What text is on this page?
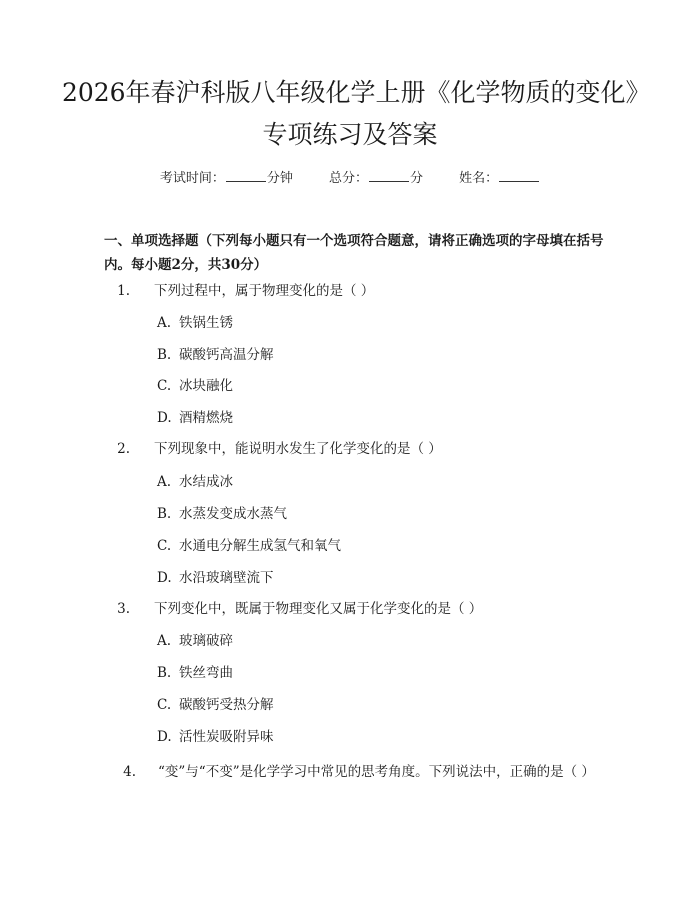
2026年春沪科版八年级化学上册《化学物质的变化》专项练习及答案
考试时间：	分钟	总分：	分	姓名：

一、单项选择题（下列每小题只有一个选项符合题意，请将正确选项的字母填在括号内。每小题2分，共30分）

1. 下列过程中，属于物理变化的是（ ）

A. 铁锅生锈

B. 碳酸钙高温分解

C. 冰块融化

D. 酒精燃烧

2. 下列现象中，能说明水发生了化学变化的是（ ）

A. 水结成冰

B. 水蒸发变成水蒸气

C. 水通电分解生成氢气和氧气

D. 水沿玻璃壁流下

3. 下列变化中，既属于物理变化又属于化学变化的是（ ）

A. 玻璃破碎

B. 铁丝弯曲

C. 碳酸钙受热分解

D. 活性炭吸附异味

4. “变”与“不变”是化学学习中常见的思考角度。下列说法中，正确的是（ ）
